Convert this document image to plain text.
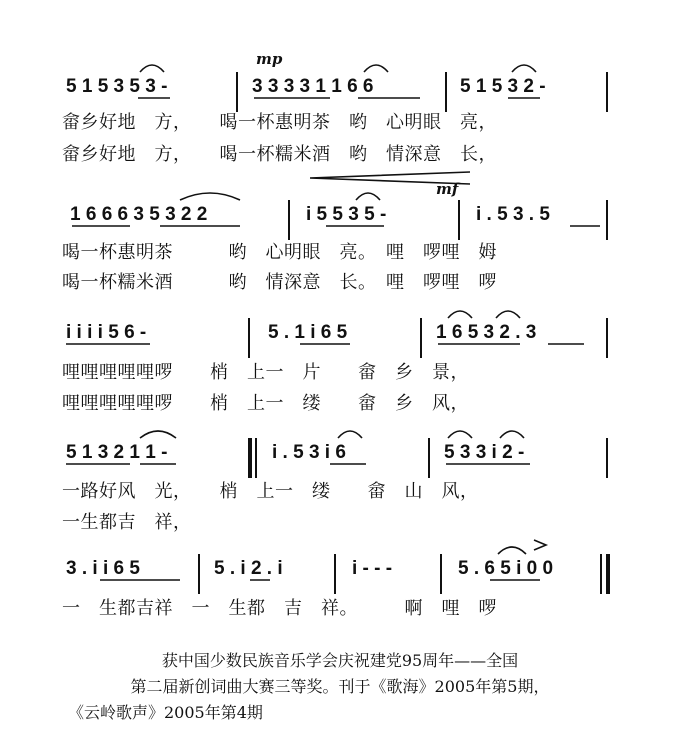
mp
mf
5 1 5 3 5 3 -	3 3 3 3 1 1 6 6	5 1 5 3 2 -
畲乡好地　方，　　喝一杯惠明茶　哟　心明眼　亮，
畲乡好地　方，　　喝一杯糯米酒　哟　情深意　长，
1 6 6 6 3 5 3 2 2	i 5 5 3 5 -	i . 5 3 . 5
喝一杯惠明茶　　　哟　心明眼　亮。　哩　啰哩　姆
喝一杯糯米酒　　　哟　情深意　长。　哩　啰哩　啰
i i i i 5 6 -	5 . 1 i 6 5	1 6 5 3 2 . 3
哩哩哩哩哩啰　　梢　上一　片　　畲　乡　景，
哩哩哩哩哩啰　　梢　上一　缕　　畲　乡　风，
5 1 3 2 1 1 -	i . 5 3 i 6	5 3 3 i 2 -
一路好风　光，　　梢　上一　缕　　畲　山　风，
一生都吉　祥，
3 . i i 6 5	5 . i 2 . i	i - - -	5 . 6 5 i 0 0
一　生都吉祥　一　生都　吉　祥。　　　啊　哩　啰
获中国少数民族音乐学会庆祝建党95周年——全国
第二届新创词曲大赛三等奖。刊于《歌海》2005年第5期，
《云岭歌声》2005年第4期
